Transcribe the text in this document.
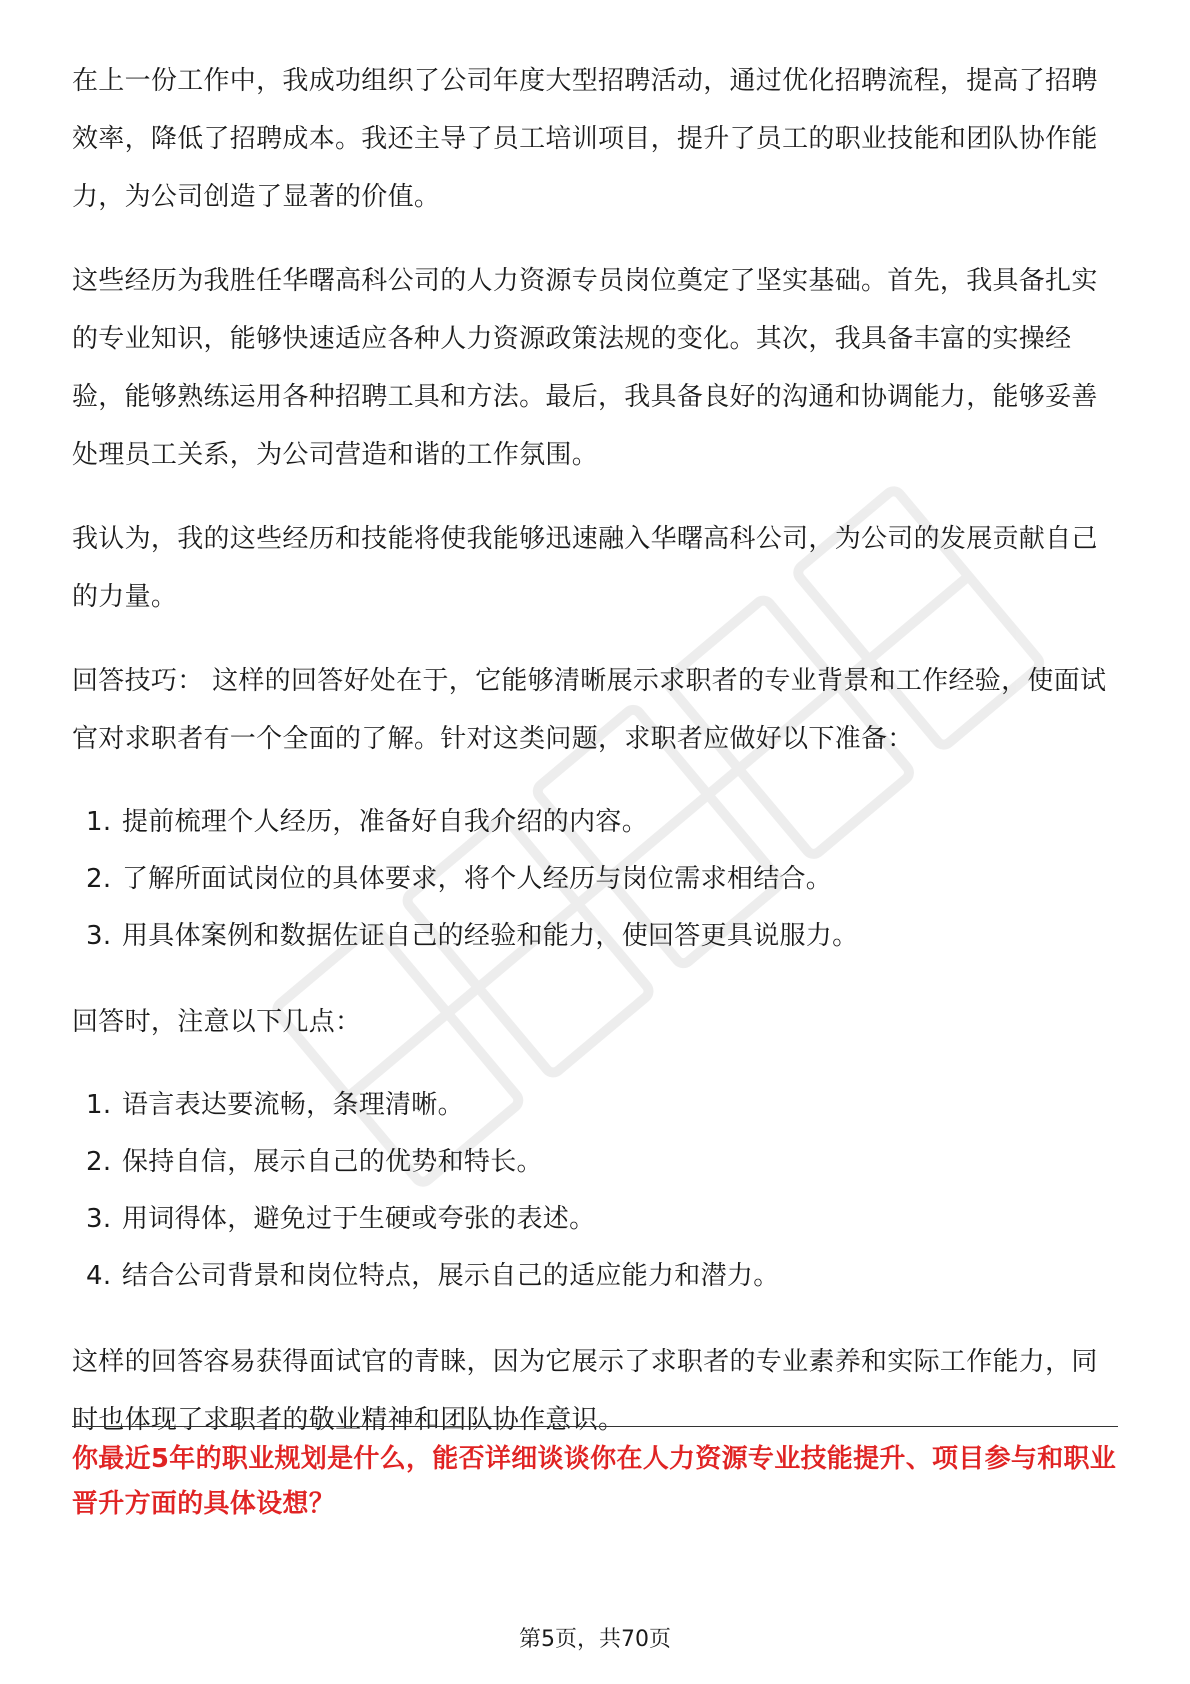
在上一份工作中，我成功组织了公司年度大型招聘活动，通过优化招聘流程，提高了招聘效率，降低了招聘成本。我还主导了员工培训项目，提升了员工的职业技能和团队协作能力，为公司创造了显著的价值。

这些经历为我胜任华曙高科公司的人力资源专员岗位奠定了坚实基础。首先，我具备扎实的专业知识，能够快速适应各种人力资源政策法规的变化。其次，我具备丰富的实操经验，能够熟练运用各种招聘工具和方法。最后，我具备良好的沟通和协调能力，能够妥善处理员工关系，为公司营造和谐的工作氛围。

我认为，我的这些经历和技能将使我能够迅速融入华曙高科公司，为公司的发展贡献自己的力量。

回答技巧： 这样的回答好处在于，它能够清晰展示求职者的专业背景和工作经验，使面试官对求职者有一个全面的了解。针对这类问题，求职者应做好以下准备：

1. 提前梳理个人经历，准备好自我介绍的内容。
2. 了解所面试岗位的具体要求，将个人经历与岗位需求相结合。
3. 用具体案例和数据佐证自己的经验和能力，使回答更具说服力。

回答时，注意以下几点：

1. 语言表达要流畅，条理清晰。
2. 保持自信，展示自己的优势和特长。
3. 用词得体，避免过于生硬或夸张的表述。
4. 结合公司背景和岗位特点，展示自己的适应能力和潜力。

这样的回答容易获得面试官的青睐，因为它展示了求职者的专业素养和实际工作能力，同时也体现了求职者的敬业精神和团队协作意识。

你最近5年的职业规划是什么，能否详细谈谈你在人力资源专业技能提升、项目参与和职业晋升方面的具体设想？

第5页，共70页
